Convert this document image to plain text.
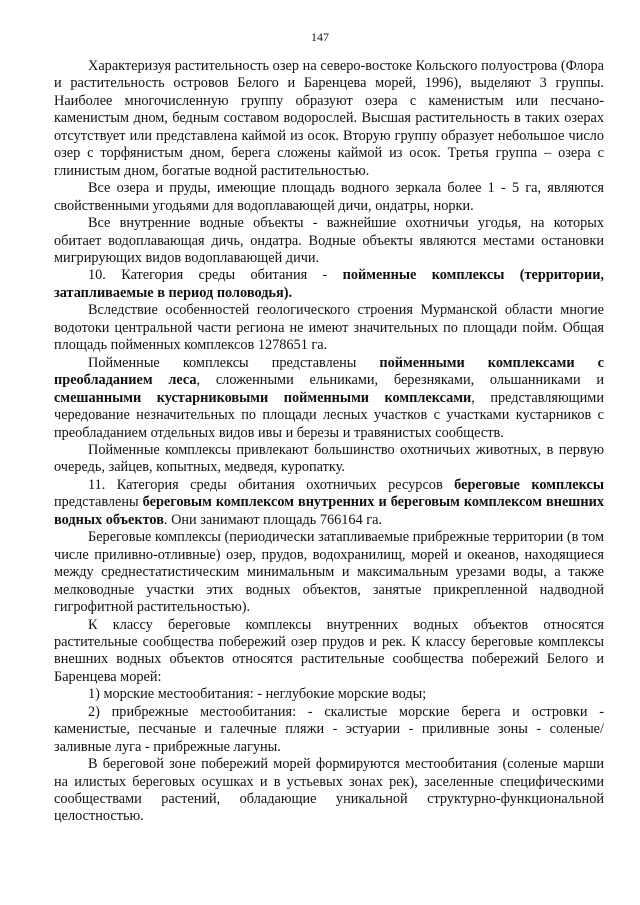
147

Характеризуя растительность озер на северо-востоке Кольского полуострова (Флора и растительность островов Белого и Баренцева морей, 1996), выделяют 3 группы. Наиболее многочисленную группу образуют озера с каменистым или песчано-каменистым дном, бедным составом водорослей. Высшая растительность в таких озерах отсутствует или представлена каймой из осок. Вторую группу образует небольшое число озер с торфянистым дном, берега сложены каймой из осок. Третья группа – озера с глинистым дном, богатые водной растительностью.

Все озера и пруды, имеющие площадь водного зеркала более 1 - 5 га, являются свойственными угодьями для водоплавающей дичи, ондатры, норки.

Все внутренние водные объекты - важнейшие охотничьи угодья, на которых обитает водоплавающая дичь, ондатра. Водные объекты являются местами остановки мигрирующих видов водоплавающей дичи.

10. Категория среды обитания - пойменные комплексы (территории, затапливаемые в период половодья).

Вследствие особенностей геологического строения Мурманской области многие водотоки центральной части региона не имеют значительных по площади пойм. Общая площадь пойменных комплексов 1278651 га.

Пойменные комплексы представлены пойменными комплексами с преобладанием леса, сложенными ельниками, березняками, ольшанниками и смешанными кустарниковыми пойменными комплексами, представляющими чередование незначительных по площади лесных участков с участками кустарников с преобладанием отдельных видов ивы и березы и травянистых сообществ.

Пойменные комплексы привлекают большинство охотничьих животных, в первую очередь, зайцев, копытных, медведя, куропатку.

11. Категория среды обитания охотничьих ресурсов береговые комплексы представлены береговым комплексом внутренних и береговым комплексом внешних водных объектов. Они занимают площадь 766164 га.

Береговые комплексы (периодически затапливаемые прибрежные территории (в том числе приливно-отливные) озер, прудов, водохранилищ, морей и океанов, находящиеся между среднестатистическим минимальным и максимальным урезами воды, а также мелководные участки этих водных объектов, занятые прикрепленной надводной гигрофитной растительностью).

К классу береговые комплексы внутренних водных объектов относятся растительные сообщества побережий озер прудов и рек. К классу береговые комплексы внешних водных объектов относятся растительные сообщества побережий Белого и Баренцева морей:

1) морские местообитания: - неглубокие морские воды;

2) прибрежные местообитания: - скалистые морские берега и островки - каменистые, песчаные и галечные пляжи - эстуарии - приливные зоны - соленые/заливные луга - прибрежные лагуны.

В береговой зоне побережий морей формируются местообитания (соленые марши на илистых береговых осушках и в устьевых зонах рек), заселенные специфическими сообществами растений, обладающие уникальной структурно-функциональной целостностью.
